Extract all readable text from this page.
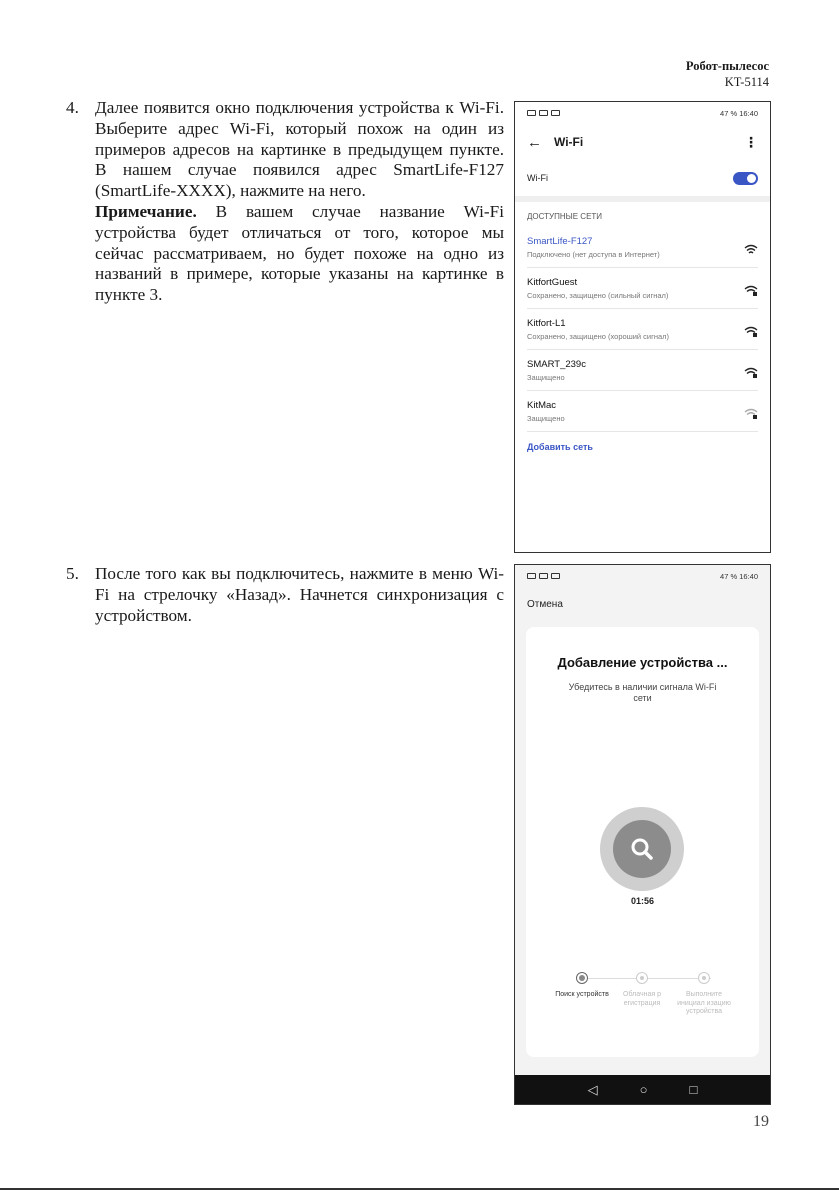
Робот-пылесос
KT-5114
4. Далее появится окно подключения устройства к Wi-Fi. Выберите адрес Wi-Fi, который похож на один из примеров адресов на картинке в предыдущем пункте. В нашем случае появился адрес SmartLife-F127 (SmartLife-XXXX), нажмите на него.

Примечание. В вашем случае название Wi-Fi устройства будет отличаться от того, которое мы сейчас рассматриваем, но будет похоже на одно из названий в примере, которые указаны на картинке в пункте 3.

5. После того как вы подключитесь, нажмите в меню Wi-Fi на стрелочку «Назад». Начнется синхронизация с устройством.

47 % 16:40
← Wi-Fi	⋮
Wi-Fi
ДОСТУПНЫЕ СЕТИ
SmartLife-F127
Подключено (нет доступа в Интернет)
KitfortGuest
Сохранено, защищено (сильный сигнал)
Kitfort-L1
Сохранено, защищено (хороший сигнал)
SMART_239c
Защищено
KitMac
Защищено
Добавить сеть
47 % 16:40
Отмена
Добавление устройства ...
Убедитесь в наличии сигнала Wi-Fi сети
01:56
Поиск устройств	Облачная р егистрация
Выполните инициал изацию устройства
◁	○	□
19
